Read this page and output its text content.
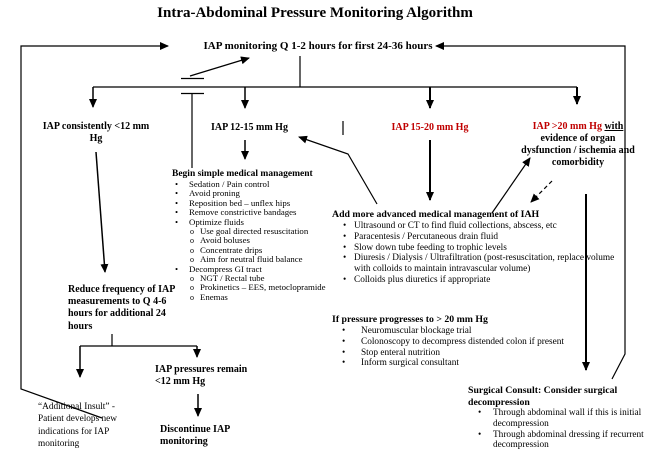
Intra-Abdominal Pressure Monitoring Algorithm
IAP monitoring Q 1-2 hours for first 24-36 hours
IAP consistently <12 mm Hg
IAP 12-15 mm Hg	IAP 15-20 mm Hg	IAP >20 mm Hg with evidence of organ dysfunction / ischemia and comorbidity
Begin simple medical management
• Sedation / Pain control
• Avoid proning
• Reposition bed – unflex hips
• Remove constrictive bandages
• Optimize fluids
o Use goal directed resuscitation
o Avoid boluses
o Concentrate drips
o Aim for neutral fluid balance
• Decompress GI tract
o NGT / Rectal tube
o Prokinetics – EES, metoclopramide
o Enemas
Add more advanced medical management of IAH
• Ultrasound or CT to find fluid collections, abscess, etc
• Paracentesis / Percutaneous drain fluid
• Slow down tube feeding to trophic levels
• Diuresis / Dialysis / Ultrafiltration (post-resuscitation, replace volume with colloids to maintain intravascular volume)
• Colloids plus diuretics if appropriate
If pressure progresses to > 20 mm Hg
• Neuromuscular blockage trial
• Colonoscopy to decompress distended colon if present
• Stop enteral nutrition
• Inform surgical consultant
Reduce frequency of IAP measurements to Q 4-6 hours for additional 24 hours
“Additional Insult” - Patient develops new indications for IAP monitoring
IAP pressures remain <12 mm Hg
Discontinue IAP monitoring
Surgical Consult: Consider surgical decompression
• Through abdominal wall if this is initial decompression
• Through abdominal dressing if recurrent decompression
